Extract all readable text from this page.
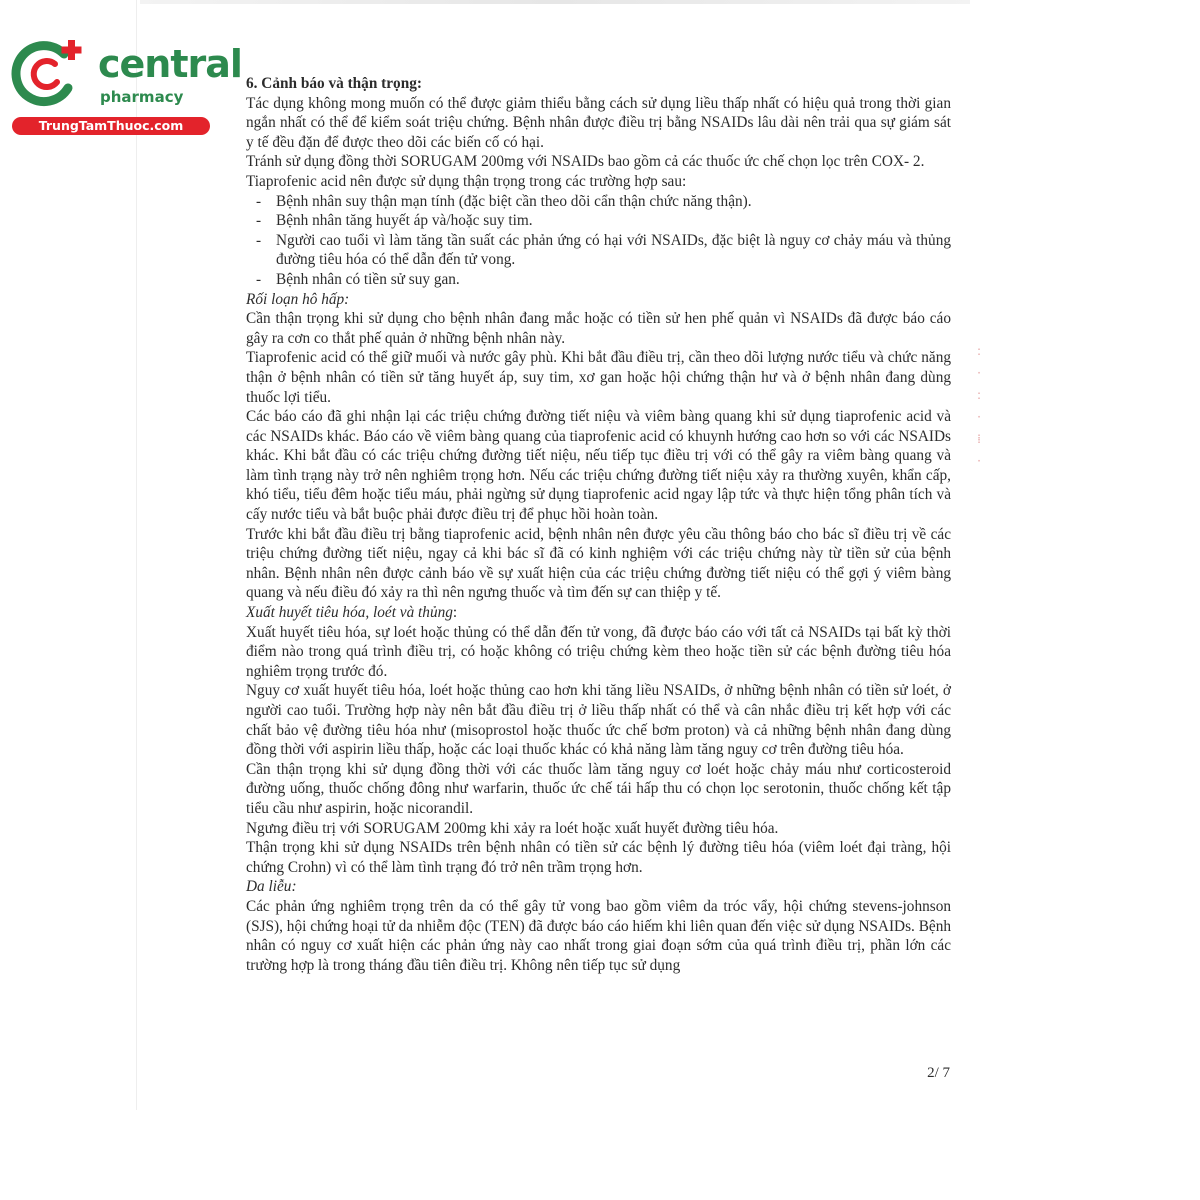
central
pharmacy
TrungTamThuoc.com

6. Cảnh báo và thận trọng:

Tác dụng không mong muốn có thể được giảm thiểu bằng cách sử dụng liều thấp nhất có hiệu quả trong thời gian ngắn nhất có thể để kiểm soát triệu chứng. Bệnh nhân được điều trị bằng NSAIDs lâu dài nên trải qua sự giám sát y tế đều đặn để được theo dõi các biến cố có hại.

Tránh sử dụng đồng thời SORUGAM 200mg với NSAIDs bao gồm cả các thuốc ức chế chọn lọc trên COX- 2.

Tiaprofenic acid nên được sử dụng thận trọng trong các trường hợp sau:

- Bệnh nhân suy thận mạn tính (đặc biệt cần theo dõi cẩn thận chức năng thận).
- Bệnh nhân tăng huyết áp và/hoặc suy tim.
- Người cao tuổi vì làm tăng tần suất các phản ứng có hại với NSAIDs, đặc biệt là nguy cơ chảy máu và thủng đường tiêu hóa có thể dẫn đến tử vong.
- Bệnh nhân có tiền sử suy gan.

Rối loạn hô hấp:

Cần thận trọng khi sử dụng cho bệnh nhân đang mắc hoặc có tiền sử hen phế quản vì NSAIDs đã được báo cáo gây ra cơn co thắt phế quản ở những bệnh nhân này.

Tiaprofenic acid có thể giữ muối và nước gây phù. Khi bắt đầu điều trị, cần theo dõi lượng nước tiểu và chức năng thận ở bệnh nhân có tiền sử tăng huyết áp, suy tim, xơ gan hoặc hội chứng thận hư và ở bệnh nhân đang dùng thuốc lợi tiểu.

Các báo cáo đã ghi nhận lại các triệu chứng đường tiết niệu và viêm bàng quang khi sử dụng tiaprofenic acid và các NSAIDs khác. Báo cáo về viêm bàng quang của tiaprofenic acid có khuynh hướng cao hơn so với các NSAIDs khác. Khi bắt đầu có các triệu chứng đường tiết niệu, nếu tiếp tục điều trị với có thể gây ra viêm bàng quang và làm tình trạng này trở nên nghiêm trọng hơn. Nếu các triệu chứng đường tiết niệu xảy ra thường xuyên, khẩn cấp, khó tiểu, tiểu đêm hoặc tiểu máu, phải ngừng sử dụng tiaprofenic acid ngay lập tức và thực hiện tổng phân tích và cấy nước tiểu và bắt buộc phải được điều trị để phục hồi hoàn toàn.

Trước khi bắt đầu điều trị bằng tiaprofenic acid, bệnh nhân nên được yêu cầu thông báo cho bác sĩ điều trị về các triệu chứng đường tiết niệu, ngay cả khi bác sĩ đã có kinh nghiệm với các triệu chứng này từ tiền sử của bệnh nhân. Bệnh nhân nên được cảnh báo về sự xuất hiện của các triệu chứng đường tiết niệu có thể gợi ý viêm bàng quang và nếu điều đó xảy ra thì nên ngưng thuốc và tìm đến sự can thiệp y tế.

Xuất huyết tiêu hóa, loét và thủng:

Xuất huyết tiêu hóa, sự loét hoặc thủng có thể dẫn đến tử vong, đã được báo cáo với tất cả NSAIDs tại bất kỳ thời điểm nào trong quá trình điều trị, có hoặc không có triệu chứng kèm theo hoặc tiền sử các bệnh đường tiêu hóa nghiêm trọng trước đó.

Nguy cơ xuất huyết tiêu hóa, loét hoặc thủng cao hơn khi tăng liều NSAIDs, ở những bệnh nhân có tiền sử loét, ở người cao tuổi. Trường hợp này nên bắt đầu điều trị ở liều thấp nhất có thể và cân nhắc điều trị kết hợp với các chất bảo vệ đường tiêu hóa như (misoprostol hoặc thuốc ức chế bơm proton) và cả những bệnh nhân đang dùng đồng thời với aspirin liều thấp, hoặc các loại thuốc khác có khả năng làm tăng nguy cơ trên đường tiêu hóa.

Cần thận trọng khi sử dụng đồng thời với các thuốc làm tăng nguy cơ loét hoặc chảy máu như corticosteroid đường uống, thuốc chống đông như warfarin, thuốc ức chế tái hấp thu có chọn lọc serotonin, thuốc chống kết tập tiểu cầu như aspirin, hoặc nicorandil.

Ngưng điều trị với SORUGAM 200mg khi xảy ra loét hoặc xuất huyết đường tiêu hóa.

Thận trọng khi sử dụng NSAIDs trên bệnh nhân có tiền sử các bệnh lý đường tiêu hóa (viêm loét đại tràng, hội chứng Crohn) vì có thể làm tình trạng đó trở nên trầm trọng hơn.

Da liễu:

Các phản ứng nghiêm trọng trên da có thể gây tử vong bao gồm viêm da tróc vẩy, hội chứng stevens-johnson (SJS), hội chứng hoại tử da nhiễm độc (TEN) đã được báo cáo hiếm khi liên quan đến việc sử dụng NSAIDs. Bệnh nhân có nguy cơ xuất hiện các phản ứng này cao nhất trong giai đoạn sớm của quá trình điều trị, phần lớn các trường hợp là trong tháng đầu tiên điều trị. Không nên tiếp tục sử dụng

2/ 7
:
·
:
·
⁞
·
